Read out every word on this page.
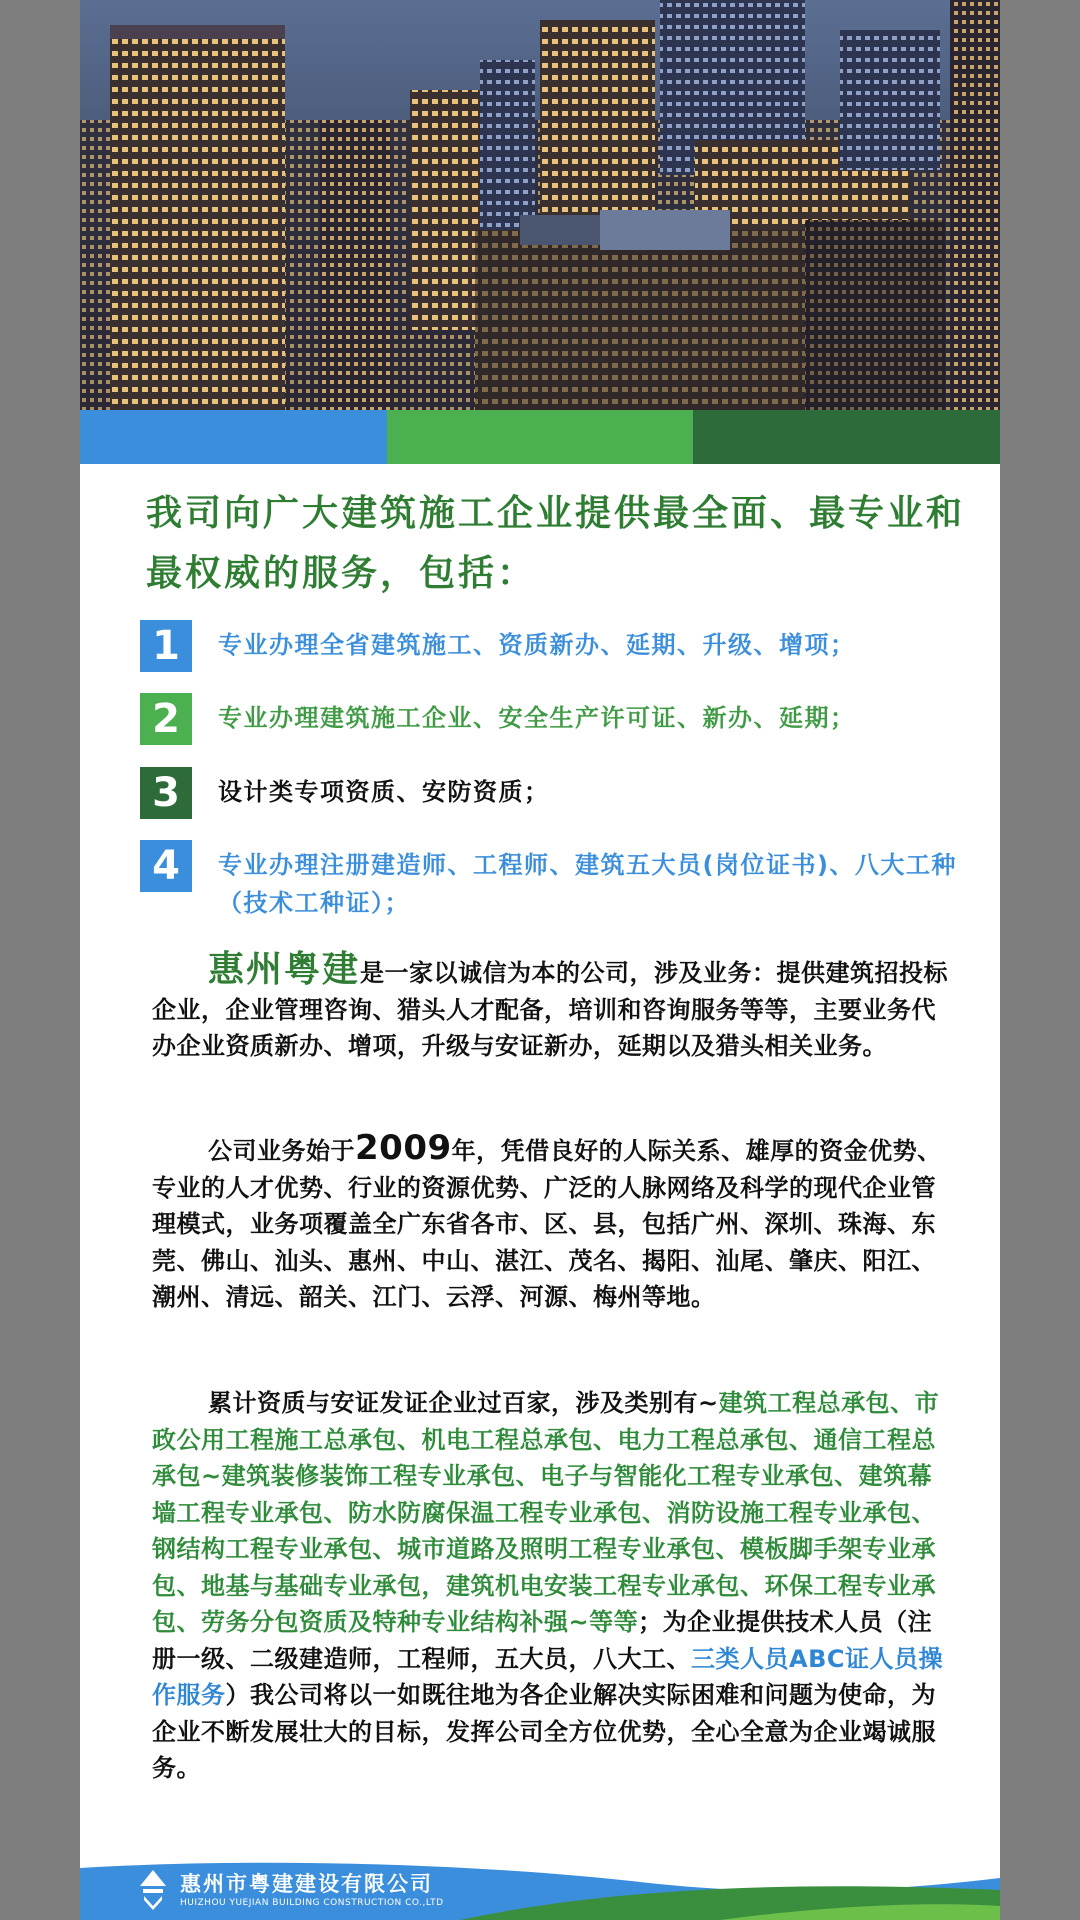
我司向广大建筑施工企业提供最全面、最专业和最权威的服务，包括：
1	专业办理全省建筑施工、资质新办、延期、升级、增项；
2	专业办理建筑施工企业、安全生产许可证、新办、延期；
3	设计类专项资质、安防资质；
4	专业办理注册建造师、工程师、建筑五大员(岗位证书)、八大工种（技术工种证）；

惠州粤建是一家以诚信为本的公司，涉及业务：提供建筑招投标企业，企业管理咨询、猎头人才配备，培训和咨询服务等等，主要业务代办企业资质新办、增项，升级与安证新办，延期以及猎头相关业务。

公司业务始于2009年，凭借良好的人际关系、雄厚的资金优势、专业的人才优势、行业的资源优势、广泛的人脉网络及科学的现代企业管理模式，业务项覆盖全广东省各市、区、县，包括广州、深圳、珠海、东莞、佛山、汕头、惠州、中山、湛江、茂名、揭阳、汕尾、肇庆、阳江、潮州、清远、韶关、江门、云浮、河源、梅州等地。

累计资质与安证发证企业过百家，涉及类别有~建筑工程总承包、市政公用工程施工总承包、机电工程总承包、电力工程总承包、通信工程总承包~建筑装修装饰工程专业承包、电子与智能化工程专业承包、建筑幕墙工程专业承包、防水防腐保温工程专业承包、消防设施工程专业承包、钢结构工程专业承包、城市道路及照明工程专业承包、模板脚手架专业承包、地基与基础专业承包，建筑机电安装工程专业承包、环保工程专业承包、劳务分包资质及特种专业结构补强~等等；为企业提供技术人员（注册一级、二级建造师，工程师，五大员，八大工、三类人员ABC证人员操作服务）我公司将以一如既往地为各企业解决实际困难和问题为使命，为企业不断发展壮大的目标，发挥公司全方位优势，全心全意为企业竭诚服务。

惠州市粤建建设有限公司
HUIZHOU YUEJIAN BUILDING CONSTRUCTION CO.,LTD
